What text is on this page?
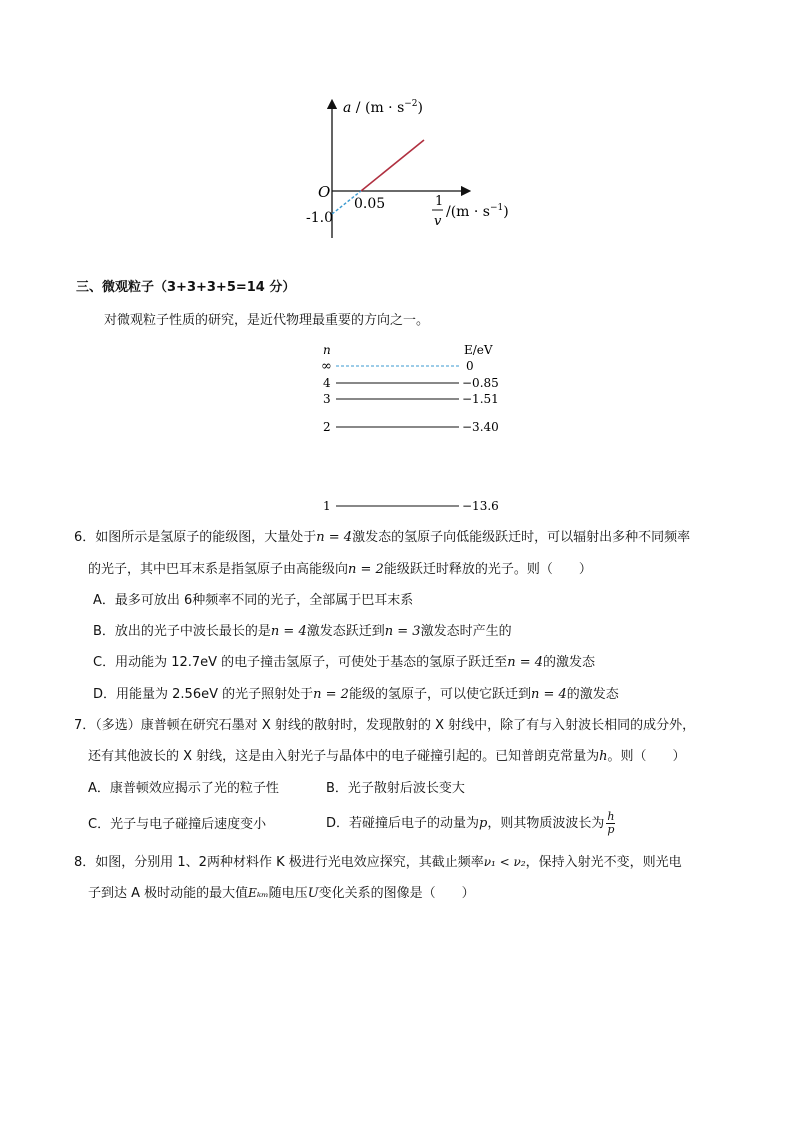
$a / (m \cdot s^{-2})$
O
0.05
-1.0
1
v
$/(m \cdot s^{-1})$
三、微观粒子（3+3+3+5=14 分）
对微观粒子性质的研究，是近代物理最重要的方向之一。
n	E/eV
∞	0
4	−0.85
3	−1.51
2	−3.40
1	−13.6
6．如图所示是氢原子的能级图，大量处于n = 4激发态的氢原子向低能级跃迁时，可以辐射出多种不同频率
的光子，其中巴耳末系是指氢原子由高能级向n = 2能级跃迁时释放的光子。则（　　）
A．最多可放出 6种频率不同的光子，全部属于巴耳末系
B．放出的光子中波长最长的是n = 4激发态跃迁到n = 3激发态时产生的
C．用动能为 12.7eV 的电子撞击氢原子，可使处于基态的氢原子跃迁至n = 4的激发态
D．用能量为 2.56eV 的光子照射处于n = 2能级的氢原子，可以使它跃迁到n = 4的激发态
7．（多选）康普顿在研究石墨对 X 射线的散射时，发现散射的 X 射线中，除了有与入射波长相同的成分外，
还有其他波长的 X 射线，这是由入射光子与晶体中的电子碰撞引起的。已知普朗克常量为h。则（　　）
A．康普顿效应揭示了光的粒子性	B．光子散射后波长变大
C．光子与电子碰撞后速度变小	D．若碰撞后电子的动量为p，则其物质波波长为 $\frac{h}{p}$
8．如图，分别用 1、2两种材料作 K 极进行光电效应探究，其截止频率ν₁ < ν₂，保持入射光不变，则光电
子到达 A 极时动能的最大值Eₖₘ随电压U变化关系的图像是（　　）
